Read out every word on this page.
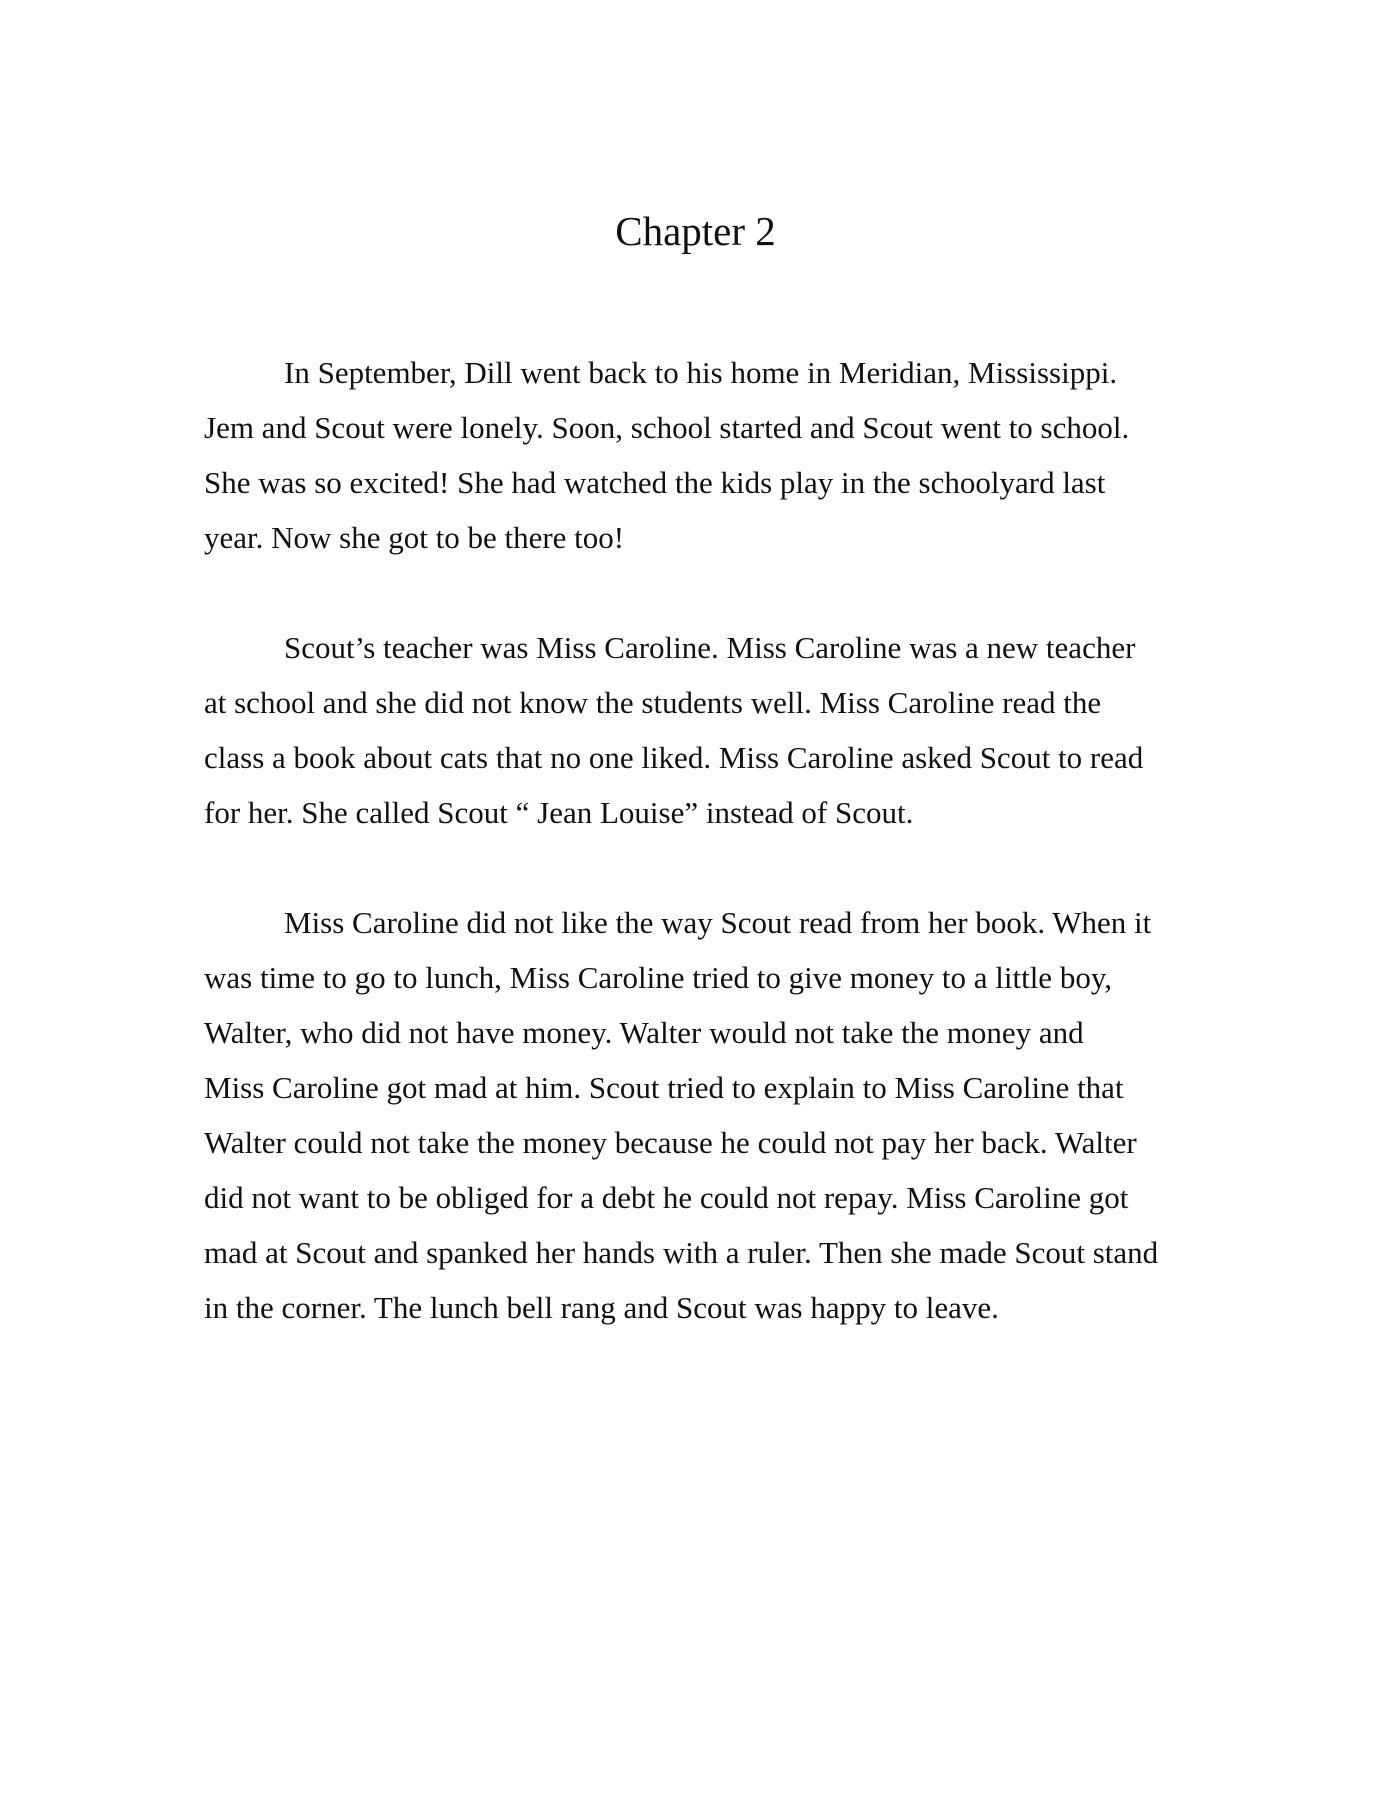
Chapter 2

In September, Dill went back to his home in Meridian, Mississippi.
Jem and Scout were lonely. Soon, school started and Scout went to school.
She was so excited! She had watched the kids play in the schoolyard last
year. Now she got to be there too!

Scout’s teacher was Miss Caroline. Miss Caroline was a new teacher
at school and she did not know the students well. Miss Caroline read the
class a book about cats that no one liked. Miss Caroline asked Scout to read
for her. She called Scout “ Jean Louise” instead of Scout.

Miss Caroline did not like the way Scout read from her book. When it
was time to go to lunch, Miss Caroline tried to give money to a little boy,
Walter, who did not have money. Walter would not take the money and
Miss Caroline got mad at him. Scout tried to explain to Miss Caroline that
Walter could not take the money because he could not pay her back. Walter
did not want to be obliged for a debt he could not repay. Miss Caroline got
mad at Scout and spanked her hands with a ruler. Then she made Scout stand
in the corner. The lunch bell rang and Scout was happy to leave.
